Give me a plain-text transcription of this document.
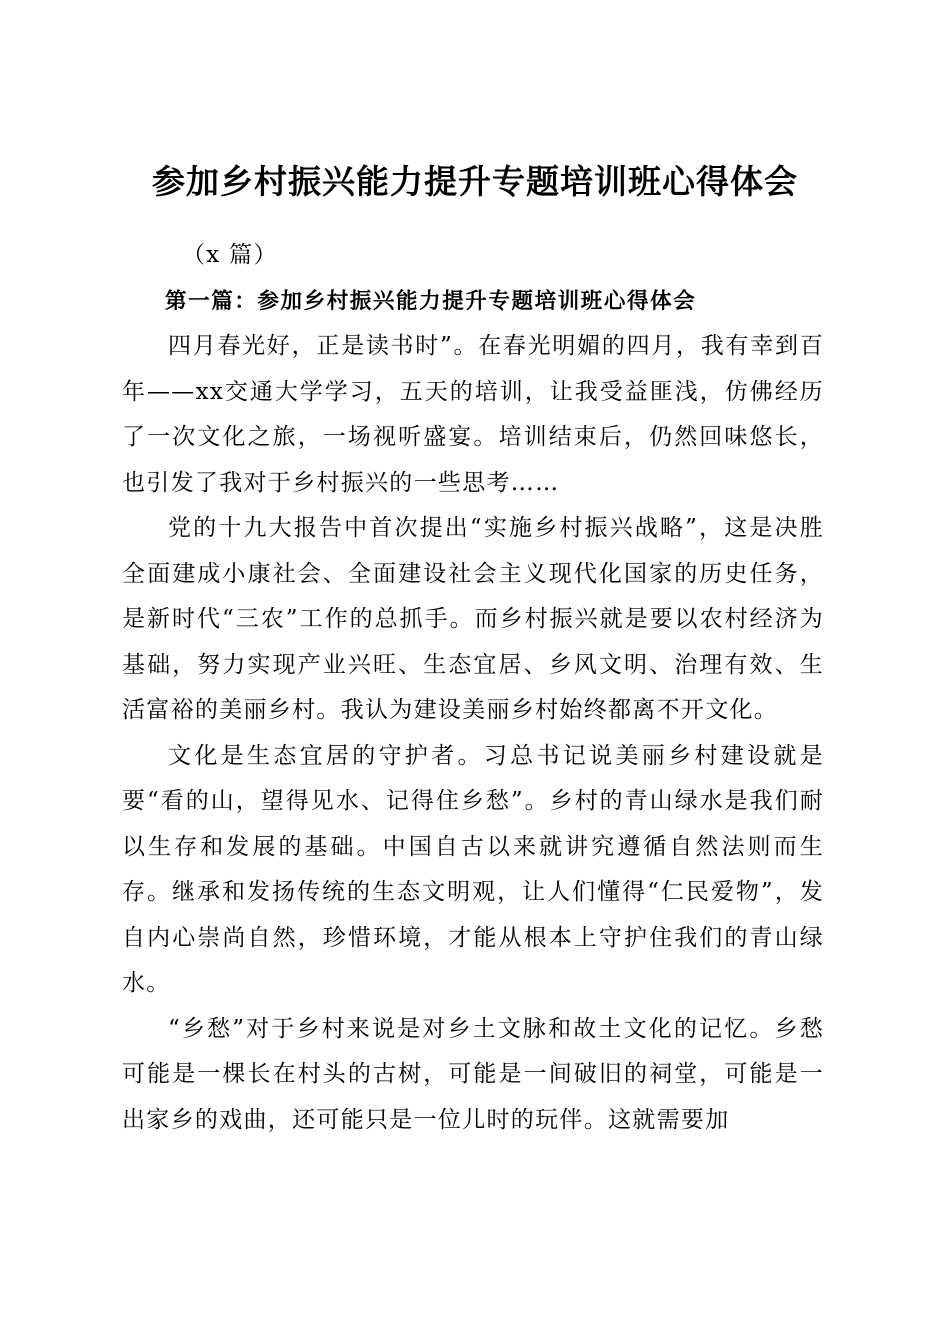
参加乡村振兴能力提升专题培训班心得体会

（x 篇）

第一篇：参加乡村振兴能力提升专题培训班心得体会

四月春光好，正是读书时”。在春光明媚的四月，我有幸到百年——xx交通大学学习，五天的培训，让我受益匪浅，仿佛经历了一次文化之旅，一场视听盛宴。培训结束后，仍然回味悠长，也引发了我对于乡村振兴的一些思考……

党的十九大报告中首次提出“实施乡村振兴战略”，这是决胜全面建成小康社会、全面建设社会主义现代化国家的历史任务，是新时代“三农”工作的总抓手。而乡村振兴就是要以农村经济为基础，努力实现产业兴旺、生态宜居、乡风文明、治理有效、生活富裕的美丽乡村。我认为建设美丽乡村始终都离不开文化。

文化是生态宜居的守护者。习总书记说美丽乡村建设就是要“看的山，望得见水、记得住乡愁”。乡村的青山绿水是我们耐以生存和发展的基础。中国自古以来就讲究遵循自然法则而生存。继承和发扬传统的生态文明观，让人们懂得“仁民爱物”，发自内心崇尚自然，珍惜环境，才能从根本上守护住我们的青山绿水。

“乡愁”对于乡村来说是对乡土文脉和故土文化的记忆。乡愁可能是一棵长在村头的古树，可能是一间破旧的祠堂，可能是一出家乡的戏曲，还可能只是一位儿时的玩伴。这就需要加
